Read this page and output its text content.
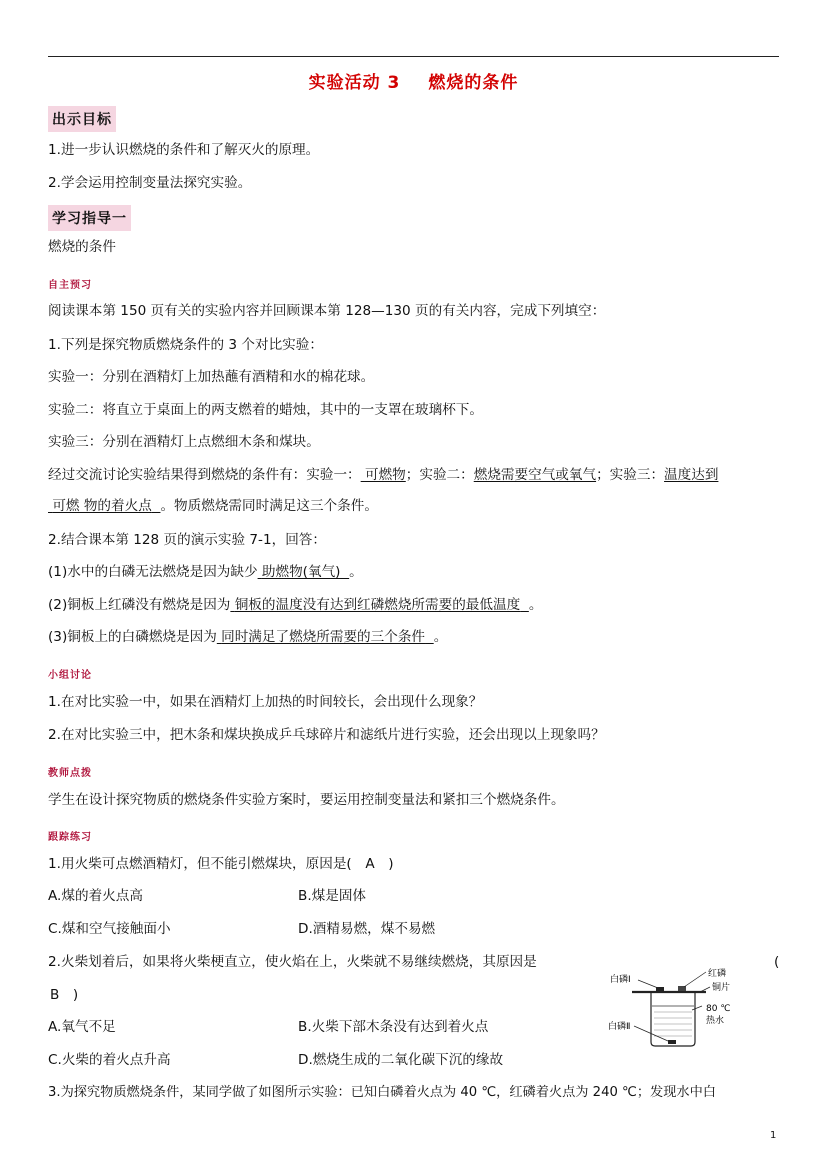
实验活动 3 燃烧的条件
出示目标
1.进一步认识燃烧的条件和了解灭火的原理。
2.学会运用控制变量法探究实验。
学习指导一
燃烧的条件
自主预习
阅读课本第 150 页有关的实验内容并回顾课本第 128—130 页的有关内容，完成下列填空：
1.下列是探究物质燃烧条件的 3 个对比实验：
实验一：分别在酒精灯上加热蘸有酒精和水的棉花球。
实验二：将直立于桌面上的两支燃着的蜡烛，其中的一支罩在玻璃杯下。
实验三：分别在酒精灯上点燃细木条和煤块。
经过交流讨论实验结果得到燃烧的条件有：实验一： 可燃物；实验二：燃烧需要空气或氧气；实验三：温度达到
可燃 物的着火点 。物质燃烧需同时满足这三个条件。
2.结合课本第 128 页的演示实验 7-1，回答：
(1)水中的白磷无法燃烧是因为缺少 助燃物(氧气) 。
(2)铜板上红磷没有燃烧是因为 铜板的温度没有达到红磷燃烧所需要的最低温度 。
(3)铜板上的白磷燃烧是因为 同时满足了燃烧所需要的三个条件 。
小组讨论
1.在对比实验一中，如果在酒精灯上加热的时间较长，会出现什么现象？
2.在对比实验三中，把木条和煤块换成乒乓球碎片和滤纸片进行实验，还会出现以上现象吗？
教师点拨
学生在设计探究物质的燃烧条件实验方案时，要运用控制变量法和紧扣三个燃烧条件。
跟踪练习
1.用火柴可点燃酒精灯，但不能引燃煤块，原因是(　A　)
A.煤的着火点高	B.煤是固体
C.煤和空气接触面小	D.酒精易燃，煤不易燃
2.火柴划着后，如果将火柴梗直立，使火焰在上，火柴就不易继续燃烧，其原因是	(
B　)
A.氧气不足	B.火柴下部木条没有达到着火点
C.火柴的着火点升高	D.燃烧生成的二氧化碳下沉的缘故
3.为探究物质燃烧条件，某同学做了如图所示实验：已知白磷着火点为 40 ℃，红磷着火点为 240 ℃；发现水中白
白磷Ⅰ
红磷
铜片
80 ℃
热水
白磷Ⅱ
1
